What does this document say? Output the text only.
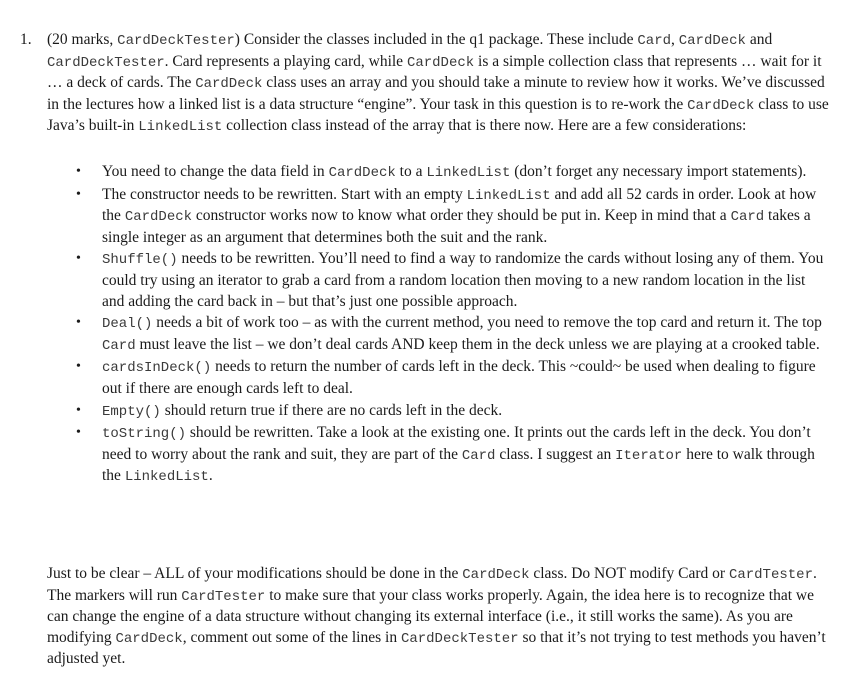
1. (20 marks, CardDeckTester) Consider the classes included in the q1 package. These include Card, CardDeck and CardDeckTester. Card represents a playing card, while CardDeck is a simple collection class that represents … wait for it … a deck of cards. The CardDeck class uses an array and you should take a minute to review how it works. We’ve discussed in the lectures how a linked list is a data structure “engine”. Your task in this question is to re-work the CardDeck class to use Java’s built-in LinkedList collection class instead of the array that is there now. Here are a few considerations:

• You need to change the data field in CardDeck to a LinkedList (don’t forget any necessary import statements).
• The constructor needs to be rewritten. Start with an empty LinkedList and add all 52 cards in order. Look at how the CardDeck constructor works now to know what order they should be put in. Keep in mind that a Card takes a single integer as an argument that determines both the suit and the rank.
• Shuffle() needs to be rewritten. You’ll need to find a way to randomize the cards without losing any of them. You could try using an iterator to grab a card from a random location then moving to a new random location in the list and adding the card back in – but that’s just one possible approach.
• Deal() needs a bit of work too – as with the current method, you need to remove the top card and return it. The top Card must leave the list – we don’t deal cards AND keep them in the deck unless we are playing at a crooked table.
• cardsInDeck() needs to return the number of cards left in the deck. This ~could~ be used when dealing to figure out if there are enough cards left to deal.
• Empty() should return true if there are no cards left in the deck.
• toString() should be rewritten. Take a look at the existing one. It prints out the cards left in the deck. You don’t need to worry about the rank and suit, they are part of the Card class. I suggest an Iterator here to walk through the LinkedList.

Just to be clear – ALL of your modifications should be done in the CardDeck class. Do NOT modify Card or CardTester. The markers will run CardTester to make sure that your class works properly. Again, the idea here is to recognize that we can change the engine of a data structure without changing its external interface (i.e., it still works the same). As you are modifying CardDeck, comment out some of the lines in CardDeckTester so that it’s not trying to test methods you haven’t adjusted yet.
